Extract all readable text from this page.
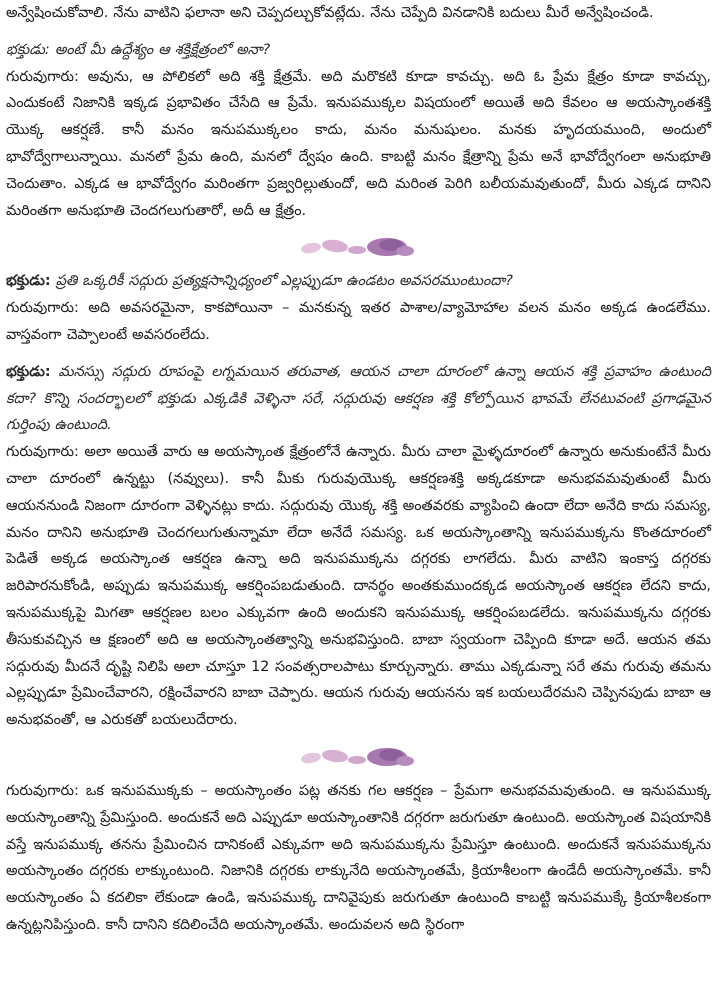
అన్వేషించుకోవాలి. నేను వాటిని ఫలానా అని చెప్పదల్చుకోవట్లేదు. నేను చెప్పేది వినడానికి బదులు మీరే అన్వేషించండి.

భక్తుడు: అంటే మీ ఉద్దేశ్యం ఆ శక్తిక్షేత్రంలో అనా?

గురువుగారు: అవును, ఆ పోలికలో అది శక్తి క్షేత్రమే. అది మరొకటి కూడా కావచ్చు. అది ఓ ప్రేమ క్షేత్రం కూడా కావచ్చు, ఎందుకంటే నిజానికి ఇక్కడ ప్రభావితం చేసేది ఆ ప్రేమే. ఇనుపముక్కల విషయంలో అయితే అది కేవలం ఆ అయస్కాంతశక్తి యొక్క ఆకర్షణే. కానీ మనం ఇనుపముక్కలం కాదు, మనం మనుషులం. మనకు హృదయముంది, అందులో భావోద్వేగాలున్నాయి. మనలో ప్రేమ ఉంది, మనలో ద్వేషం ఉంది. కాబట్టి మనం క్షేత్రాన్ని ప్రేమ అనే భావోద్వేగంలా అనుభూతి చెందుతాం. ఎక్కడ ఆ భావోద్వేగం మరింతగా ప్రజ్వరిల్లుతుందో, అది మరింత పెరిగి బలీయమవుతుందో, మీరు ఎక్కడ దానిని మరింతగా అనుభూతి చెందగలుగుతారో, అదీ ఆ క్షేత్రం.

భక్తుడు: ప్రతి ఒక్కరికీ సద్గురు ప్రత్యక్షసాన్నిధ్యంలో ఎల్లప్పుడూ ఉండటం అవసరముంటుందా?

గురువుగారు: అది అవసరమైనా, కాకపోయినా – మనకున్న ఇతర పాశాల/వ్యామోహాల వలన మనం అక్కడ ఉండలేము. వాస్తవంగా చెప్పాలంటే అవసరంలేదు.

భక్తుడు: మనస్సు సద్గురు రూపంపై లగ్నమయిన తరువాత, ఆయన చాలా దూరంలో ఉన్నా ఆయన శక్తి ప్రవాహం ఉంటుంది కదా? కొన్ని సందర్భాలలో భక్తుడు ఎక్కడికి వెళ్ళినా సరే, సద్గురువు ఆకర్షణ శక్తి కోల్పోయిన భావమే లేనటువంటి ప్రగాఢమైన గుర్తింపు ఉంటుంది.

గురువుగారు: అలా అయితే వారు ఆ అయస్కాంత క్షేత్రంలోనే ఉన్నారు. మీరు చాలా మైళ్ళదూరంలో ఉన్నారు అనుకుంటేనే మీరు చాలా దూరంలో ఉన్నట్టు (నవ్వులు). కానీ మీకు గురువుయొక్క ఆకర్షణశక్తి అక్కడకూడా అనుభవమవుతుంటే మీరు ఆయననుండి నిజంగా దూరంగా వెళ్ళినట్లు కాదు. సద్గురువు యొక్క శక్తి అంతవరకు వ్యాపించి ఉందా లేదా అనేది కాదు సమస్య, మనం దానిని అనుభూతి చెందగలుగుతున్నామా లేదా అనేదే సమస్య. ఒక అయస్కాంతాన్ని ఇనుపముక్కను కొంతదూరంలో పెడితే అక్కడ అయస్కాంత ఆకర్షణ ఉన్నా అది ఇనుపముక్కను దగ్గరకు లాగలేదు. మీరు వాటిని ఇంకాస్త దగ్గరకు జరిపారనుకోండి, అప్పుడు ఇనుపముక్క ఆకర్షింపబడుతుంది. దానర్థం అంతకుముందక్కడ అయస్కాంత ఆకర్షణ లేదని కాదు, ఇనుపముక్కపై మిగతా ఆకర్షణల బలం ఎక్కువగా ఉంది అందుకని ఇనుపముక్క ఆకర్షింపబడలేదు. ఇనుపముక్కను దగ్గరకు తీసుకువచ్చిన ఆ క్షణంలో అది ఆ అయస్కాంతత్వాన్ని అనుభవిస్తుంది. బాబా స్వయంగా చెప్పింది కూడా అదే. ఆయన తమ సద్గురువు మీదనే దృష్టి నిలిపి అలా చూస్తూ 12 సంవత్సరాలపాటు కూర్చున్నారు. తాము ఎక్కడున్నా సరే తమ గురువు తమను ఎల్లప్పుడూ ప్రేమించేవారని, రక్షించేవారని బాబా చెప్పారు. ఆయన గురువు ఆయనను ఇక బయలుదేరమని చెప్పినపుడు బాబా ఆ అనుభవంతో, ఆ ఎరుకతో బయలుదేరారు.

గురువుగారు: ఒక ఇనుపముక్కకు – అయస్కాంతం పట్ల తనకు గల ఆకర్షణ – ప్రేమగా అనుభవమవుతుంది. ఆ ఇనుపముక్క అయస్కాంతాన్ని ప్రేమిస్తుంది. అందుకనే అది ఎప్పుడూ అయస్కాంతానికి దగ్గరగా జరుగుతూ ఉంటుంది. అయస్కాంత విషయానికి వస్తే ఇనుపముక్క తనను ప్రేమించిన దానికంటే ఎక్కువగా అది ఇనుపముక్కను ప్రేమిస్తూ ఉంటుంది. అందుకనే ఇనుపముక్కను అయస్కాంతం దగ్గరకు లాక్కుంటుంది. నిజానికి దగ్గరకు లాక్కునేది అయస్కాంతమే, క్రియాశీలంగా ఉండేదీ అయస్కాంతమే. కానీ అయస్కాంతం ఏ కదలికా లేకుండా ఉండి, ఇనుపముక్క దానివైపుకు జరుగుతూ ఉంటుంది కాబట్టి ఇనుపముక్కే క్రియాశీలకంగా ఉన్నట్లనిపిస్తుంది. కానీ దానిని కదిలించేది అయస్కాంతమే. అందువలన అది స్థిరంగా
